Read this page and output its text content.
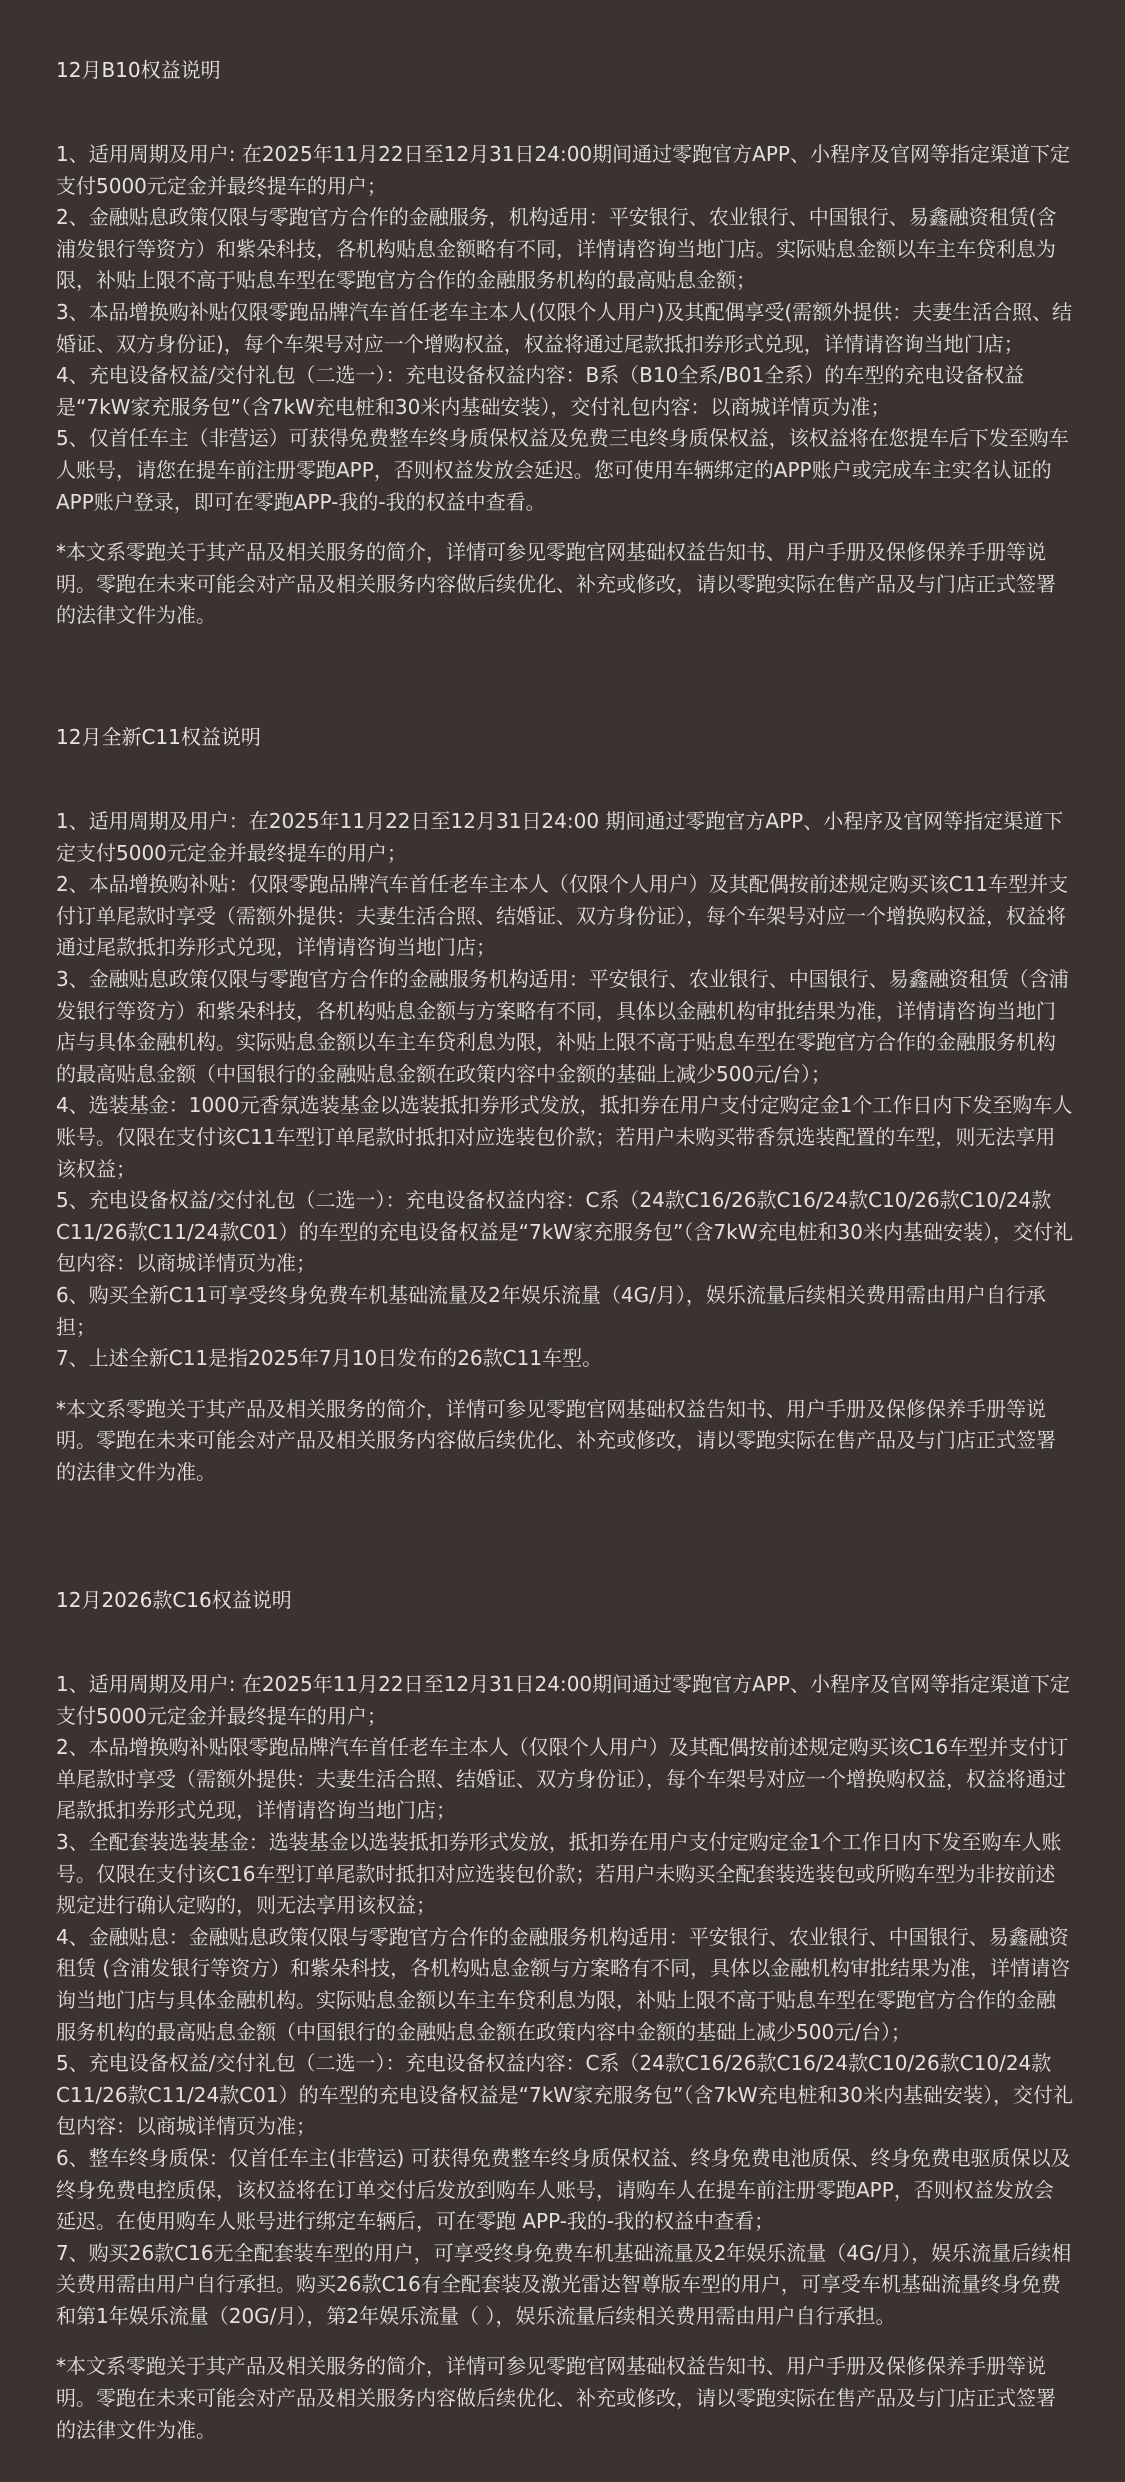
12月B10权益说明
1、适用周期及用户: 在2025年11月22日至12月31日24:00期间通过零跑官方APP、小程序及官网等指定渠道下定支付5000元定金并最终提车的用户；
2、金融贴息政策仅限与零跑官方合作的金融服务，机构适用：平安银行、农业银行、中国银行、易鑫融资租赁(含浦发银行等资方）和紫朵科技，各机构贴息金额略有不同，详情请咨询当地门店。实际贴息金额以车主车贷利息为限，补贴上限不高于贴息车型在零跑官方合作的金融服务机构的最高贴息金额；
3、本品增换购补贴仅限零跑品牌汽车首任老车主本人(仅限个人用户)及其配偶享受(需额外提供：夫妻生活合照、结婚证、双方身份证)，每个车架号对应一个增购权益，权益将通过尾款抵扣券形式兑现，详情请咨询当地门店；
4、充电设备权益/交付礼包（二选一）：充电设备权益内容：B系（B10全系/B01全系）的车型的充电设备权益是“7kW家充服务包”（含7kW充电桩和30米内基础安装），交付礼包内容：以商城详情页为准；
5、仅首任车主（非营运）可获得免费整车终身质保权益及免费三电终身质保权益，该权益将在您提车后下发至购车人账号，请您在提车前注册零跑APP，否则权益发放会延迟。您可使用车辆绑定的APP账户或完成车主实名认证的APP账户登录，即可在零跑APP-我的-我的权益中查看。

*本文系零跑关于其产品及相关服务的简介，详情可参见零跑官网基础权益告知书、用户手册及保修保养手册等说明。零跑在未来可能会对产品及相关服务内容做后续优化、补充或修改，请以零跑实际在售产品及与门店正式签署的法律文件为准。

12月全新C11权益说明
1、适用周期及用户：在2025年11月22日至12月31日24:00 期间通过零跑官方APP、小程序及官网等指定渠道下定支付5000元定金并最终提车的用户；
2、本品增换购补贴：仅限零跑品牌汽车首任老车主本人（仅限个人用户）及其配偶按前述规定购买该C11车型并支付订单尾款时享受（需额外提供：夫妻生活合照、结婚证、双方身份证），每个车架号对应一个增换购权益，权益将通过尾款抵扣券形式兑现，详情请咨询当地门店；
3、金融贴息政策仅限与零跑官方合作的金融服务机构适用：平安银行、农业银行、中国银行、易鑫融资租赁（含浦发银行等资方）和紫朵科技，各机构贴息金额与方案略有不同，具体以金融机构审批结果为准，详情请咨询当地门店与具体金融机构。实际贴息金额以车主车贷利息为限，补贴上限不高于贴息车型在零跑官方合作的金融服务机构的最高贴息金额（中国银行的金融贴息金额在政策内容中金额的基础上减少500元/台）；
4、选装基金：1000元香氛选装基金以选装抵扣券形式发放，抵扣券在用户支付定购定金1个工作日内下发至购车人账号。仅限在支付该C11车型订单尾款时抵扣对应选装包价款；若用户未购买带香氛选装配置的车型，则无法享用该权益；
5、充电设备权益/交付礼包（二选一）：充电设备权益内容：C系（24款C16/26款C16/24款C10/26款C10/24款C11/26款C11/24款C01）的车型的充电设备权益是“7kW家充服务包”（含7kW充电桩和30米内基础安装），交付礼包内容：以商城详情页为准；
6、购买全新C11可享受终身免费车机基础流量及2年娱乐流量（4G/月），娱乐流量后续相关费用需由用户自行承担；
7、上述全新C11是指2025年7月10日发布的26款C11车型。

*本文系零跑关于其产品及相关服务的简介，详情可参见零跑官网基础权益告知书、用户手册及保修保养手册等说明。零跑在未来可能会对产品及相关服务内容做后续优化、补充或修改，请以零跑实际在售产品及与门店正式签署的法律文件为准。

12月2026款C16权益说明
1、适用周期及用户: 在2025年11月22日至12月31日24:00期间通过零跑官方APP、小程序及官网等指定渠道下定支付5000元定金并最终提车的用户；
2、本品增换购补贴限零跑品牌汽车首任老车主本人（仅限个人用户）及其配偶按前述规定购买该C16车型并支付订单尾款时享受（需额外提供：夫妻生活合照、结婚证、双方身份证），每个车架号对应一个增换购权益，权益将通过尾款抵扣券形式兑现，详情请咨询当地门店；
3、全配套装选装基金：选装基金以选装抵扣券形式发放，抵扣券在用户支付定购定金1个工作日内下发至购车人账号。仅限在支付该C16车型订单尾款时抵扣对应选装包价款；若用户未购买全配套装选装包或所购车型为非按前述规定进行确认定购的，则无法享用该权益；
4、金融贴息：金融贴息政策仅限与零跑官方合作的金融服务机构适用：平安银行、农业银行、中国银行、易鑫融资租赁 (含浦发银行等资方）和紫朵科技，各机构贴息金额与方案略有不同，具体以金融机构审批结果为准，详情请咨询当地门店与具体金融机构。实际贴息金额以车主车贷利息为限，补贴上限不高于贴息车型在零跑官方合作的金融服务机构的最高贴息金额（中国银行的金融贴息金额在政策内容中金额的基础上减少500元/台）；
5、充电设备权益/交付礼包（二选一）：充电设备权益内容：C系（24款C16/26款C16/24款C10/26款C10/24款C11/26款C11/24款C01）的车型的充电设备权益是“7kW家充服务包”（含7kW充电桩和30米内基础安装），交付礼包内容：以商城详情页为准；
6、整车终身质保：仅首任车主(非营运) 可获得免费整车终身质保权益、终身免费电池质保、终身免费电驱质保以及终身免费电控质保，该权益将在订单交付后发放到购车人账号，请购车人在提车前注册零跑APP，否则权益发放会延迟。在使用购车人账号进行绑定车辆后，可在零跑 APP-我的-我的权益中查看；
7、购买26款C16无全配套装车型的用户，可享受终身免费车机基础流量及2年娱乐流量（4G/月），娱乐流量后续相关费用需由用户自行承担。购买26款C16有全配套装及激光雷达智尊版车型的用户，可享受车机基础流量终身免费和第1年娱乐流量（20G/月），第2年娱乐流量（ ），娱乐流量后续相关费用需由用户自行承担。

*本文系零跑关于其产品及相关服务的简介，详情可参见零跑官网基础权益告知书、用户手册及保修保养手册等说明。零跑在未来可能会对产品及相关服务内容做后续优化、补充或修改，请以零跑实际在售产品及与门店正式签署的法律文件为准。
